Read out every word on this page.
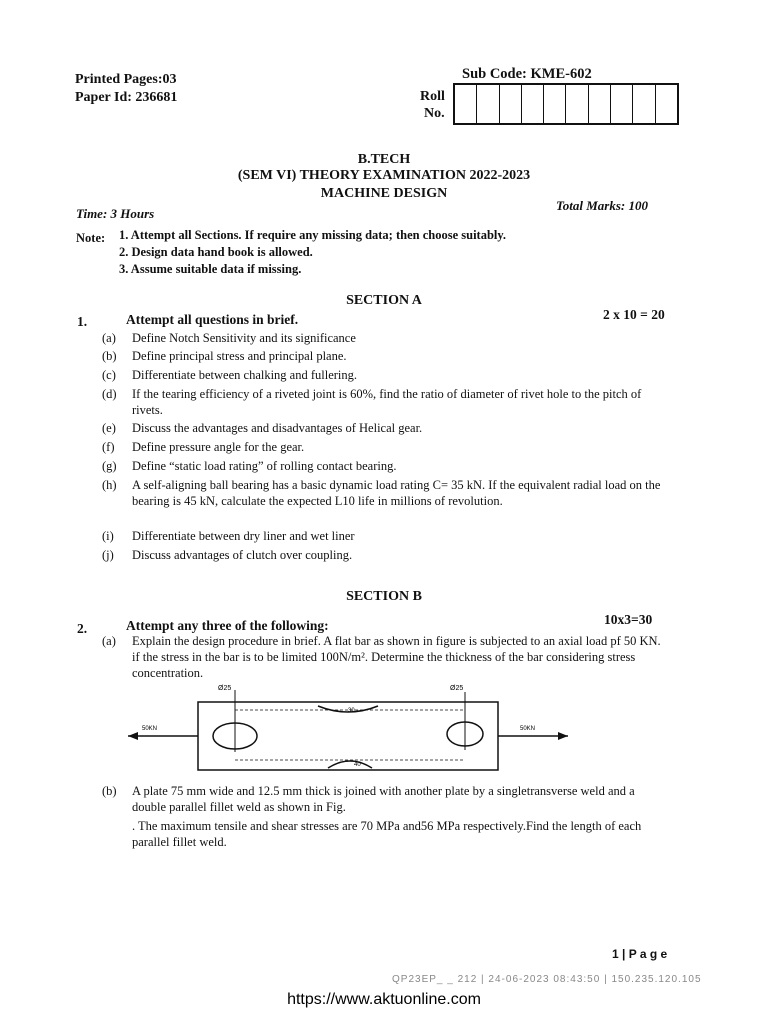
Printed Pages:03
Paper Id: 236681
Sub Code: KME-602
Roll
No.
B.TECH
(SEM VI) THEORY EXAMINATION 2022-2023
MACHINE DESIGN
Time: 3 Hours
Total Marks: 100
Note: 1. Attempt all Sections. If require any missing data; then choose suitably.
2. Design data hand book is allowed.
3. Assume suitable data if missing.
SECTION A
1.	Attempt all questions in brief.	2 x 10 = 20
(a)	Define Notch Sensitivity and its significance
(b)	Define principal stress and principal plane.
(c)	Differentiate between chalking and fullering.
(d)	If the tearing efficiency of a riveted joint is 60%, find the ratio of diameter of rivet hole to the pitch of rivets.
(e)	Discuss the advantages and disadvantages of Helical gear.
(f)	Define pressure angle for the gear.
(g)	Define “static load rating” of rolling contact bearing.
(h)	A self-aligning ball bearing has a basic dynamic load rating C= 35 kN. If the equivalent radial load on the bearing is 45 kN, calculate the expected L10 life in millions of revolution.
(i)	Differentiate between dry liner and wet liner
(j)	Discuss advantages of clutch over coupling.
SECTION B
2.	Attempt any three of the following:	10x3=30
(a)	Explain the design procedure in brief. A flat bar as shown in figure is subjected to an axial load pf 50 KN. if the stress in the bar is to be limited 100N/m². Determine the thickness of the bar considering stress concentration.
50KN	50KN
Ø25	Ø25
30
40
(b)	A plate 75 mm wide and 12.5 mm thick is joined with another plate by a singletransverse weld and a double parallel fillet weld as shown in Fig.
. The maximum tensile and shear stresses are 70 MPa and56 MPa respectively.Find the length of each parallel fillet weld.
1 | P a g e
QP23EP_ _ 212 | 24-06-2023 08:43:50 | 150.235.120.105
https://www.aktuonline.com
